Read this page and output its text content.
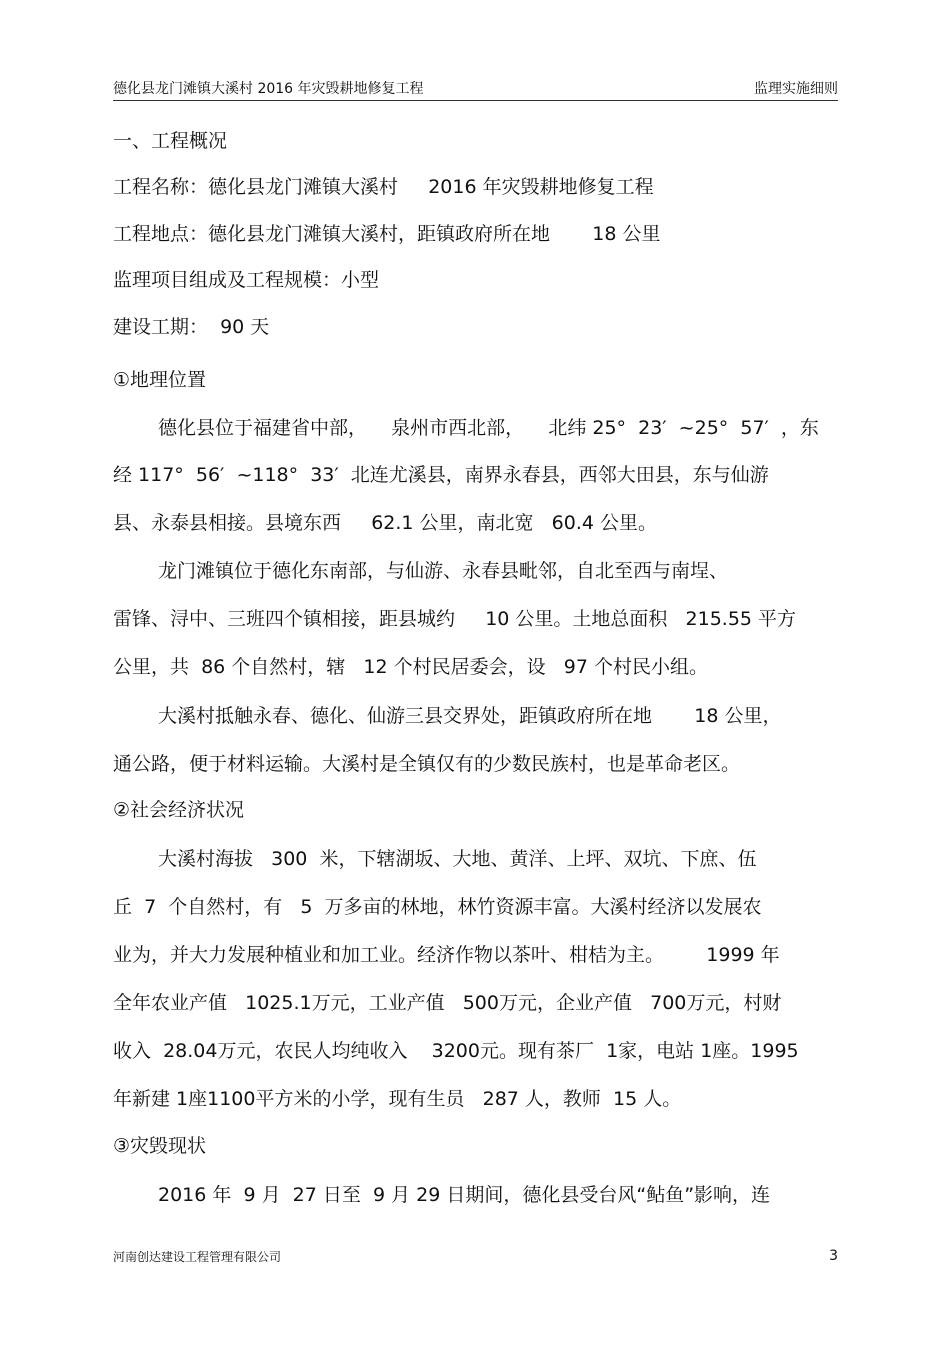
德化县龙门滩镇大溪村 2016 年灾毁耕地修复工程	监理实施细则
一、工程概况
工程名称：德化县龙门滩镇大溪村     2016 年灾毁耕地修复工程
工程地点：德化县龙门滩镇大溪村，距镇政府所在地       18 公里
监理项目组成及工程规模：小型
建设工期：  90 天
①地理位置
德化县位于福建省中部，    泉州市西北部，    北纬 25°  23′  ~25°  57′  ，东
经 117°  56′  ~118°  33′  北连尤溪县，南界永春县，西邻大田县，东与仙游
县、永泰县相接。县境东西     62.1 公里，南北宽   60.4 公里。
龙门滩镇位于德化东南部，与仙游、永春县毗邻，自北至西与南埕、
雷锋、浔中、三班四个镇相接，距县城约     10 公里。土地总面积   215.55 平方
公里，共  86 个自然村，辖   12 个村民居委会，设   97 个村民小组。
大溪村抵触永春、德化、仙游三县交界处，距镇政府所在地       18 公里，
通公路，便于材料运输。大溪村是全镇仅有的少数民族村，也是革命老区。
②社会经济状况
大溪村海拔   300  米，下辖湖坂、大地、黄洋、上坪、双坑、下庶、伍
丘  7  个自然村，有   5  万多亩的林地，林竹资源丰富。大溪村经济以发展农
业为，并大力发展种植业和加工业。经济作物以茶叶、柑桔为主。       1999 年
全年农业产值   1025.1万元，工业产值   500万元，企业产值   700万元，村财
收入  28.04万元，农民人均纯收入    3200元。现有茶厂  1家，电站 1座。1995
年新建 1座1100平方米的小学，现有生员   287 人，教师  15 人。
③灾毁现状
2016 年  9 月  27 日至  9 月 29 日期间，德化县受台风“鲇鱼”影响，连
河南创达建设工程管理有限公司	3
